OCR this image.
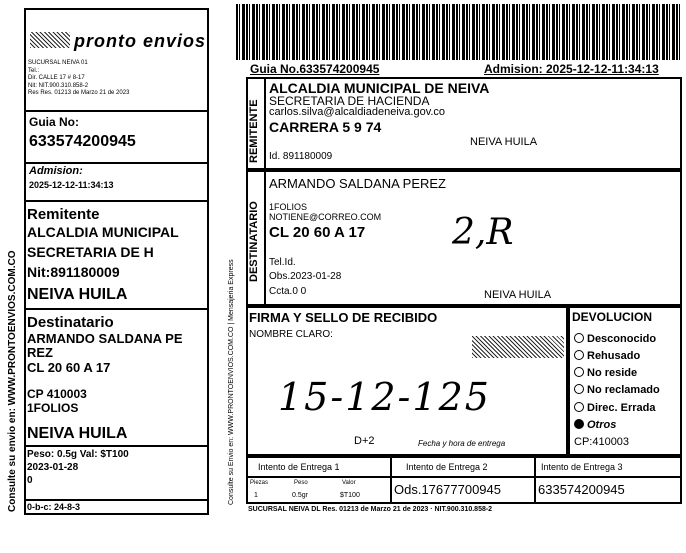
pronto envios
SUCURSAL NEIVA 01
Tel.:
Dir. CALLE 17 # 8-17
Nit: NIT.900.310.858-2
Res Res. 01213 de Marzo 21 de 2023
Guia No:
633574200945
Admision:
2025-12-12-11:34:13
Remitente
ALCALDIA MUNICIPAL
SECRETARIA DE H
Nit:891180009
NEIVA HUILA
Destinatario
ARMANDO SALDANA PE
REZ
CL 20 60 A 17
CP 410003
1FOLIOS
NEIVA HUILA
Peso: 0.5g Val: $T100
2023-01-28
0
0-b-c: 24-8-3
Consulte su envio en: WWW.PRONTOENVIOS.COM.CO
Guia No.633574200945	Admision: 2025-12-12-11:34:13
REMITENTE
ALCALDIA MUNICIPAL DE NEIVA
SECRETARIA DE HACIENDA
carlos.silva@alcaldiadeneiva.gov.co
CARRERA 5 9 74
NEIVA HUILA
Id. 891180009
DESTINATARIO
ARMANDO SALDANA PEREZ
1FOLIOS
NOTIENE@CORREO.COM
CL 20 60 A 17 2,R
Tel.Id.
Obs.2023-01-28
Ccta.0 0	NEIVA HUILA
FIRMA Y SELLO DE RECIBIDO
NOMBRE CLARO:
15-12-125
D+2	Fecha y hora de entrega
DEVOLUCION
Desconocido
Rehusado
No reside
No reclamado
Direc. Errada
Otros
CP:410003
Intento de Entrega 1	Intento de Entrega 2	Intento de Entrega 3
Piezas	Peso	Valor
1	0.5gr	$T100	Ods.17677700945	633574200945
SUCURSAL NEIVA DL Res. 01213 de Marzo 21 de 2023 · NIT.900.310.858-2
Consulte su Envio en: WWW.PRONTOENVIOS.COM.CO | Mensajeria Express
